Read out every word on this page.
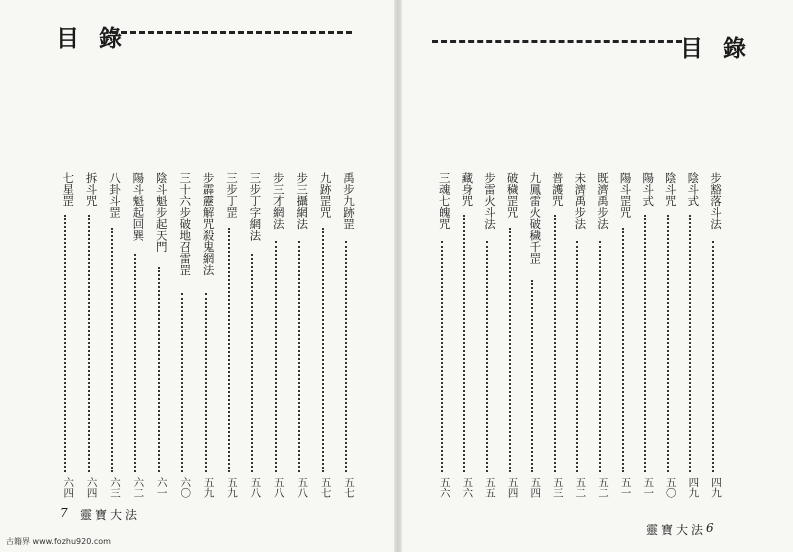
目 錄	目 錄
禹步九跡罡
五七
九跡罡咒
五七
步三攝網法
五八
步三才網法
五八
三步丁字網法
五八
三步丁罡
五九
步霹靂解咒殺鬼網法
五九
三十六步破地召雷罡
六〇
陰斗魁步起天門
六一
陽斗魁起回巽
六二
八卦斗罡
六三
拆斗咒
六四
七星罡
六四
步豁落斗法
四九
陰斗式
四九
陰斗咒
五〇
陽斗式
五一
陽斗罡咒
五一
既濟禹步法
五二
未濟禹步法
五二
普護咒
五三
九鳳雷火破穢千罡
五四
破穢罡咒
五四
步雷火斗法
五五
藏身咒
五六
三魂七魄咒
五六
7 靈寶大法
靈寶大法 6
古籍界 www.fozhu920.com
